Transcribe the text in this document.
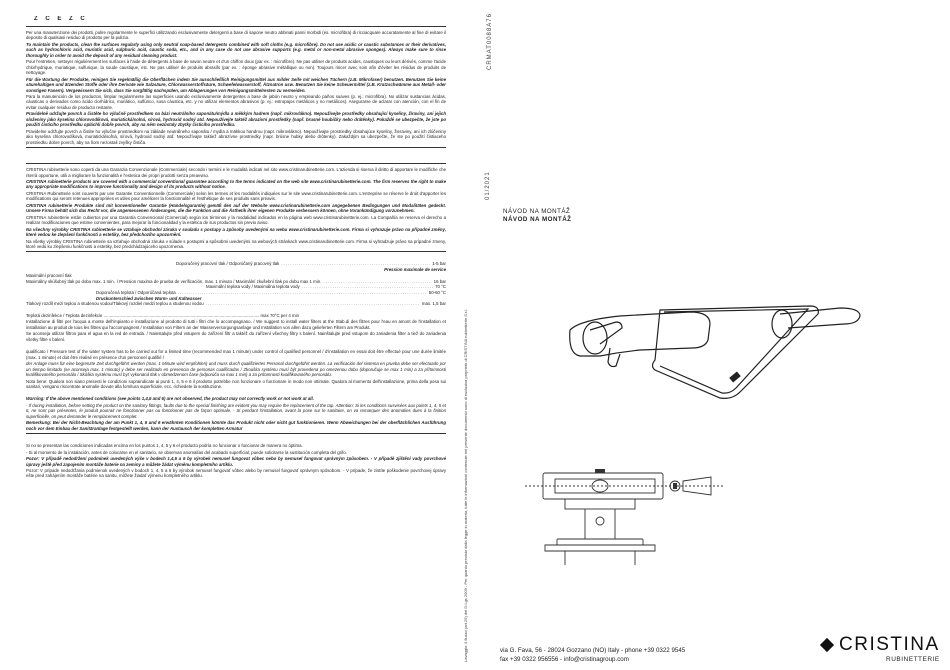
Ž Č E Ž Č
Per una manutenzione dei prodotti, pulire regolarmente le superfici utilizzando esclusivamente detergenti a base di sapone neutro abbinati panni morbidi (es. microfibra) di ricciacquare accuratamente al fine di evitare il deposito di qualsiasi residuo di prodotto per la pulizia.
To maintain the products, clean the surfaces regularly using only neutral soap-based detergents combined with soft cloths (e.g. microfibre). Do not use acidic or caustic substances or their derivatives, such as hydrochloric acid, muriatic acid, sulphuric acid, caustic soda, etc., and in any case do not use abrasive supports (e.g. metal or non-metal abrasive sponges). Always make sure to rinse thoroughly in order to avoid the deposit of any residual cleaning product.
Pour l'entretien, nettoyer régulièrement les surfaces à l'aide de détergents à base de savon neutre et d'un chiffon doux (par ex. : microfibre). Ne pas utiliser de produits acides, caustiques ou leurs dérivés, comme l'acide chlorhydrique, muriatique, sulfurique, la soude caustique, etc. Ne pas utiliser de produits abrasifs (par ex. : éponge abrasive métallique ou non). Toujours rincer avec soin afin d'éviter les résidus de produits de nettoyage.
Für die Wartung der Produkte, reinigen Sie regelmäßig die Oberflächen indem Sie ausschließlich Reinigungsmittel aus milder Seife mit weichen Tüchern (z.B. Mikrofaser) benutzen. Benutzen Sie keine säurehaltigen und ätzenden Stoffe oder ihre Derivate wie Salzsäure, Chlorwasserstoffsäure, Schwefelwasserstoff, Ätznatron usw. Benutzen Sie keine Scheuermittel (z.B. Kratzschwämme aus Metall- oder sonstigen Fasern). Vergewissern Sie sich, dass Sie sorgfältig nachspülen, um Ablagerungen von Reinigungsmittelresten zu vermeiden.
Para la manutención de los productos, limpiar regularmente las superficies usando exclusivamente detergentes a base de jabón neutro y empleando paños suaves (p. ej.: microfibra). No utilizar sustancias ácidas, cáusticas o derivados como ácido clorhídrico, muriático, sulfúrico, sosa cáustica, etc. y no utilizar elementos abrasivos (p. ej.: estropajos metálicos y no metálicos). Asegurarse de aclarar con atención, con el fin de evitar cualquier residuo de producto restante.
Pravidelně udržujte povrch a čistěte ho výlučně prostředkem na bázi neutrálního saponátu/mýdla a měkkým hadrem (např. mikrovlákno). Nepoužívejte prostředky obsahující kyseliny, žíraviny, ani jejich složeniny jako kyselina chlorovodíková, muriatická/solná, sírová, hydroxid sodný atd. Nepoužívejte taktéž abrazivní prostředky (např. brusné houbičky nebo drátěnky). Pokaždé se ubezpečte, že jste po použití čisticího prostředku opláchli dobře povrch, aby na něm nezůstaly zbytky čisticího prostředku.
Pravidelne udržujte povrch a čistite ho výlučne prostriedkom na základe neutrálneho saponátu / mydla a mäkkou handrou (napr. mikrovlákno). Nepoužívajte prostriedky obsahujúce kyseliny, žieraviny, ani ich zlúčeniny ako kyselina chlorovodíková, muriatická/soľná, sírová, hydroxid sodný atď. Nepoužívajte taktiež abrazívne prostriedky (napr. brúsne hubky alebo drôtenky). Zakaždým sa ubezpečte, že ste po použití čistiaceho prostriedku dobre povrch, aby na ňom nezostali zvyšky čističa.
CRISTINA rubinetterie sono coperti da una Garanzia Convenzionale (Commerciale) secondo i termini e le modalità indicati nel sito www.cristinarubinetterie.com. L'azienda si riserva il diritto di apportare le modifiche che riterrà opportune, utili a migliorare la funzionalità e l'estetica dei propri prodotti senza preavviso.
CRISTINA rubinetterie products are covered with a commercial conventional guarantee according to the terms indicated on the web site www.cristinarubinetterie.com. The firm reserves the right to make any appropriate modifications to improve functionality and design of its products without notice.
CRISTINA Rubinetterie sont couverts par une Garantie Conventionnelle (Commerciale) selon les termes et les modalités indiquées sur le site www.cristinarubinetterie.com. L'entreprise se réserve le droit d'apporter les modifications qui seront retenues appropriées et utiles pour améliorer la fonctionnalité et l'esthétique de ses produits sans préavis.
CRISTINA rubinetterie Produkte sind mit konventioneller Garantie (Handelsgarantie) gemäß den auf der Website www.cristinarubinetterie.com angegebenen Bedingungen und Modalitäten gedeckt. Unsere Firma behält sich das Recht vor, die angemessenen Änderungen, die die Funktion und die Ästhetik ihrer eigenen Produkte verbessern können, ohne Vorankündigung vorzunehmen.
CRISTINA rubinetterie están cubiertos por una Garantía Convencional (Comercial) según los términos y la modalidad indicados en la página web www.cristinarubinetterie.com. La Compañía se reserva el derecho a realizar modificaciones que estime convenientes, para mejorar la funcionalidad y la estética de sus productos sin previo aviso.
Na všechny výrobky CRISTINA rubinetterie se vztahuje obchodní záruka v souladu s postupy a způsoby uvedenými na webu www.cristinarubinetterie.com. Firma si vyhrazuje právo na případné změny, které vedou ke zlepšení funkčnosti a estetiky, bez předchozího upozornění.
Na všetky výrobky CRISTINA rubinetterie sa vzťahuje obchodná záruka v súlade s postupmi a spôsobmi uvedenými na webových stránkach www.cristinarubinetterie.com. Firma si vyhradzuje právo na prípadné zmeny, ktoré vedú ku zlepšeniu funkčnosti a estetiky, bez predchádzajúceho upozornenia.
Doporučený pracovní tlak / Odporúčaný pracovný tlak .....	1-5 bar
Pression maximale de service
Maximální pracovní tlak
Maximálny skúšobný tlak po dobu max. 1 min. / Pression maxima de prueba de verificación, max. 1 minuto / Maximální zkušební tlak po dobu max 1 min. .....	16 bar
Maximální teplota vody / Maximálna teplota vody .....	70 °C
Doporučená teplota / Odporúčaná teplota .....	50-60 °C
Druckunterschied zwischen Warm- und Kaltwasser
Tlakový rozdíl mezi teplou a studenou vodou/Tlakový rozdiel medzi teplou a studenou vodou .....	max. 1,5 bar
Teplotá dezinfekce / Teplota dezinfekcie ................................................................................................................................. max 70°C per 4 min
Installazione di filtri per l'acqua a monte dell'impianto e installazione al prodotto di tutti i filtri che lo accompagnano. / We suggest to install water filters at the Stab.di des filtres pour l'eau en amont de l'installation et installation au produit de tous les filtres qui l'accompagnent / Installation von Filtern an der Wasserversorgungsanlage und Installation von allen dazu gelieferten Filtern am Produkt.
Se aconseja utilizar filtros para el agua en la red de entrada. / Nainstalujte před vstupem do zařízení filtr a taktéž do zařízení všechny filtry s balení. Nainštalujte pred vstupom do zariadenia filter a tiež do zariadenia všetky filtre s balení.
qualificato / Pressure test of the water system has to be carried out for a limited time (recommended max 1 minute) under control of qualified personnel / d'installation en essai doit être effectué pour une durée limitée (max. 1 minute) et doit être réalisé en présence d'un personnel qualifié /
der Anlage muss für eine begrenzte Zeit durchgeführt werden (max. 1 Minute wird empfohlen) und muss durch qualifiziertes Personal durchgeführt werden. La verificación del sistema en prueba debe ser efectuado por un tiempo limitado (se aconseja max. 1 minuto) y debe ser realizado en presencia de personas cualificadas / Zkouška systému musí být provedena po omezenou dobu (doporučuje se max 1 min) a za přítomnosti kvalifikovaného personálu / Skúška systému musí byť vykonaná tlak v obmedzenom čase (odporúča sa max 1 min) a za prítomnosti kvalifikovaného personálu.
Nota bene: Qualora non siano presenti le condizioni sopraindicate ai punti 1, 4, 5 e 6 il prodotto potrebbe non funzionare o funzionare in modo non ottimale. Qualora al momento dell'installazione, prima della posa sui sanitari, vengano riscontrate anomalie dovute alla fornitura superficiale, ecc. richiedete la sostituzione.
Warning: If the above mentioned conditions (see points 1,4,5 and 6) are not observed, the product may not correctly work or not work at all.
- If during installation, before setting the product on the sanitary fittings, faults due to the special finishing are evident you may require the replacement of the tap. Attention: Si les conditions susvisées aux points 1, 4, 5 et 6, ne sont pas présentes, le produit pourrait ne fonctionner pas ou fonctionner pas de façon optimale. - Si pendant l'installation, avant la pose sur le sanitaire, on va remarquer des anomalies dues à la finition superficielle, on peut demander le remplacement complet.
Bemerkung: Bei der Nicht-Beachtung der am Punkt 1, 4, 5 und 6 erwähnten Konditionen könnte das Produkt nicht oder nicht gut funktionieren. Wenn Abweichungen bei der oberflächlichen Ausführung noch vor dem Einbau der Sanitäranlage festgestellt werden, kann der Austausch der kompletten Armatur
Si no se presentan las condiciones indicadas encima en los puntos 1, 4, 5 y 6 el producto podría no funcionar o funcionar de manera no óptima.
- Si al momento de la instalación, antes de colocarse en el sanitario, se observan anomalías del acabado superficial, puede solicitarse la sustitución completa del grifo.
Pozor: V případě nedodržení podmínek uvedených výše v bodech 1,4,5 a 6 by výrobek nemusel fungovat vůbec nebo by nemusel fungovat správným způsobem. - V případě zjištění vady povrchové úpravy ještě před zapojením montáže baterie na zeminy a můžete žádat výměnu kompletního artiklu.
Pozor: V prípade nedodržania podmienok uvedených v bodoch 1, 4, 5 a 6 by výrobok nemusel fungovať vôbec alebo by nemusel fungovať správnym spôsobom. - V prípade, že zistíte poškodenie povrchovej úpravy ešte pred zahájením montáže batérie na sanitu, môžete žiadať výmenu kompletného artiklu.	Lavaggio: il flusso (art.25) del D.Lgs 2009 - Per quanto previsto dalla legge in materia, tutte le informazioni contenute nel presente documento sono di esclusiva proprietà di CRISTINA rubinetterie S.r.l.
01/2021
CRMAT0088A76
NÁVOD NA MONTÁŽ
NÁVOD NA MONTÁŽ
via G. Fava, 56 - 28024 Gozzano (NO) Italy - phone +39 0322 9545
fax +39 0322 956556 - info@cristinagroup.com
CRISTINA
RUBINETTERIE
